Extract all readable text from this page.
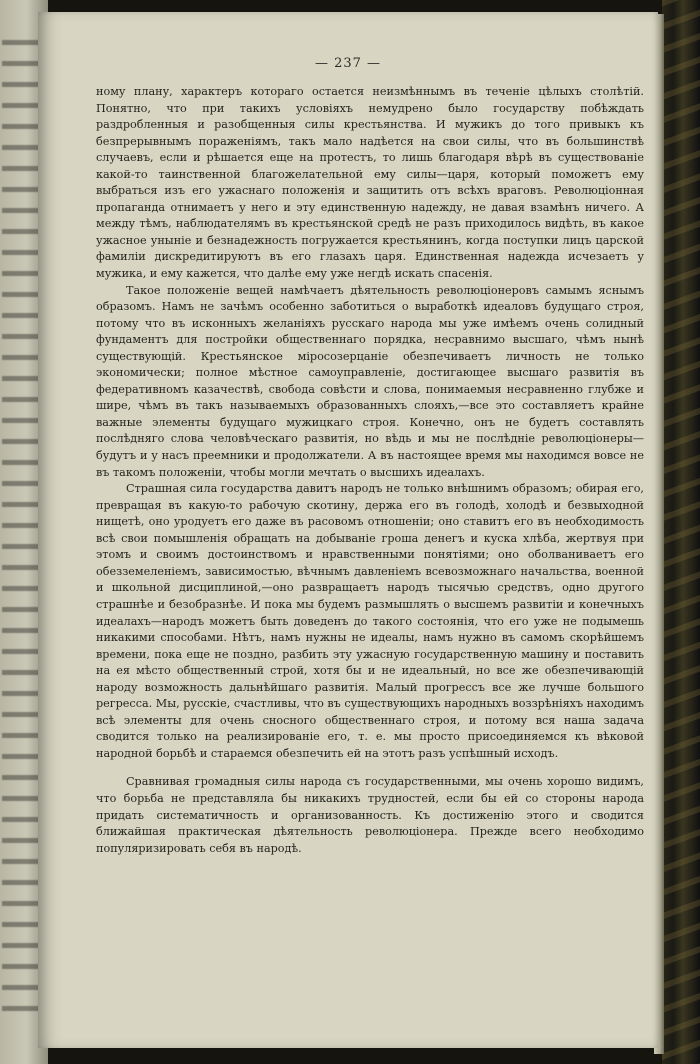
— 237 —

ному плану, характеръ котораго остается неизмѣннымъ въ теченіе цѣлыхъ столѣтій. Понятно, что при такихъ условіяхъ немудрено было государству побѣждать раздробленныя и разобщенныя силы крестьянства. И мужикъ до того привыкъ къ безпрерывнымъ пораженіямъ, такъ мало надѣется на свои силы, что въ большинствѣ случаевъ, если и рѣшается еще на протестъ, то лишь благодаря вѣрѣ въ существованіе какой-то таинственной благожелательной ему силы—царя, который поможетъ ему выбраться изъ его ужаснаго положенія и защитить отъ всѣхъ враговъ. Революціонная пропаганда отнимаетъ у него и эту единственную надежду, не давая взамѣнъ ничего. А между тѣмъ, наблюдателямъ въ крестьянской средѣ не разъ приходилось видѣть, въ какое ужасное уныніе и безнадежность погружается крестьянинъ, когда поступки лицъ царской фамиліи дискредитируютъ въ его глазахъ царя. Единственная надежда исчезаетъ у мужика, и ему кажется, что далѣе ему уже негдѣ искать спасенія.

Такое положеніе вещей намѣчаетъ дѣятельность революціонеровъ самымъ яснымъ образомъ. Намъ не зачѣмъ особенно заботиться о выработкѣ идеаловъ будущаго строя, потому что въ исконныхъ желаніяхъ русскаго народа мы уже имѣемъ очень солидный фундаментъ для постройки общественнаго порядка, несравнимо высшаго, чѣмъ нынѣ существующій. Крестьянское міросозерцаніе обезпечиваетъ личность не только экономически; полное мѣстное самоуправленіе, достигающее высшаго развитія въ федеративномъ казачествѣ, свобода совѣсти и слова, понимаемыя несравненно глубже и шире, чѣмъ въ такъ называемыхъ образованныхъ слояхъ,—все это составляетъ крайне важные элементы будущаго мужицкаго строя. Конечно, онъ не будетъ составлять послѣдняго слова человѣческаго развитія, но вѣдь и мы не послѣдніе революціонеры—будутъ и у насъ преемники и продолжатели. А въ настоящее время мы находимся вовсе не въ такомъ положеніи, чтобы могли мечтать о высшихъ идеалахъ.

Страшная сила государства давитъ народъ не только внѣшнимъ образомъ; обирая его, превращая въ какую-то рабочую скотину, держа его въ голодѣ, холодѣ и безвыходной нищетѣ, оно уродуетъ его даже въ расовомъ отношеніи; оно ставитъ его въ необходимость всѣ свои помышленія обращать на добываніе гроша денегъ и куска хлѣба, жертвуя при этомъ и своимъ достоинствомъ и нравственными понятіями; оно оболваниваетъ его обезземеленіемъ, зависимостью, вѣчнымъ давленіемъ всевозможнаго начальства, военной и школьной дисциплиной,—оно развращаетъ народъ тысячью средствъ, одно другого страшнѣе и безобразнѣе. И пока мы будемъ размышлять о высшемъ развитіи и конечныхъ идеалахъ—народъ можетъ быть доведенъ до такого состоянія, что его уже не подымешь никакими способами. Нѣтъ, намъ нужны не идеалы, намъ нужно въ самомъ скорѣйшемъ времени, пока еще не поздно, разбить эту ужасную государственную машину и поставить на ея мѣсто общественный строй, хотя бы и не идеальный, но все же обезпечивающій народу возможность дальнѣйшаго развитія. Малый прогрессъ все же лучше большого регресса. Мы, русскіе, счастливы, что въ существующихъ народныхъ воззрѣніяхъ находимъ всѣ элементы для очень сносного общественнаго строя, и потому вся наша задача сводится только на реализированіе его, т. е. мы просто присоединяемся къ вѣковой народной борьбѣ и стараемся обезпечить ей на этотъ разъ успѣшный исходъ.

Сравнивая громадныя силы народа съ государственными, мы очень хорошо видимъ, что борьба не представляла бы никакихъ трудностей, если бы ей со стороны народа придать систематичность и организованность. Къ достиженію этого и сводится ближайшая практическая дѣятельность революціонера. Прежде всего необходимо популяризировать себя въ народѣ.
